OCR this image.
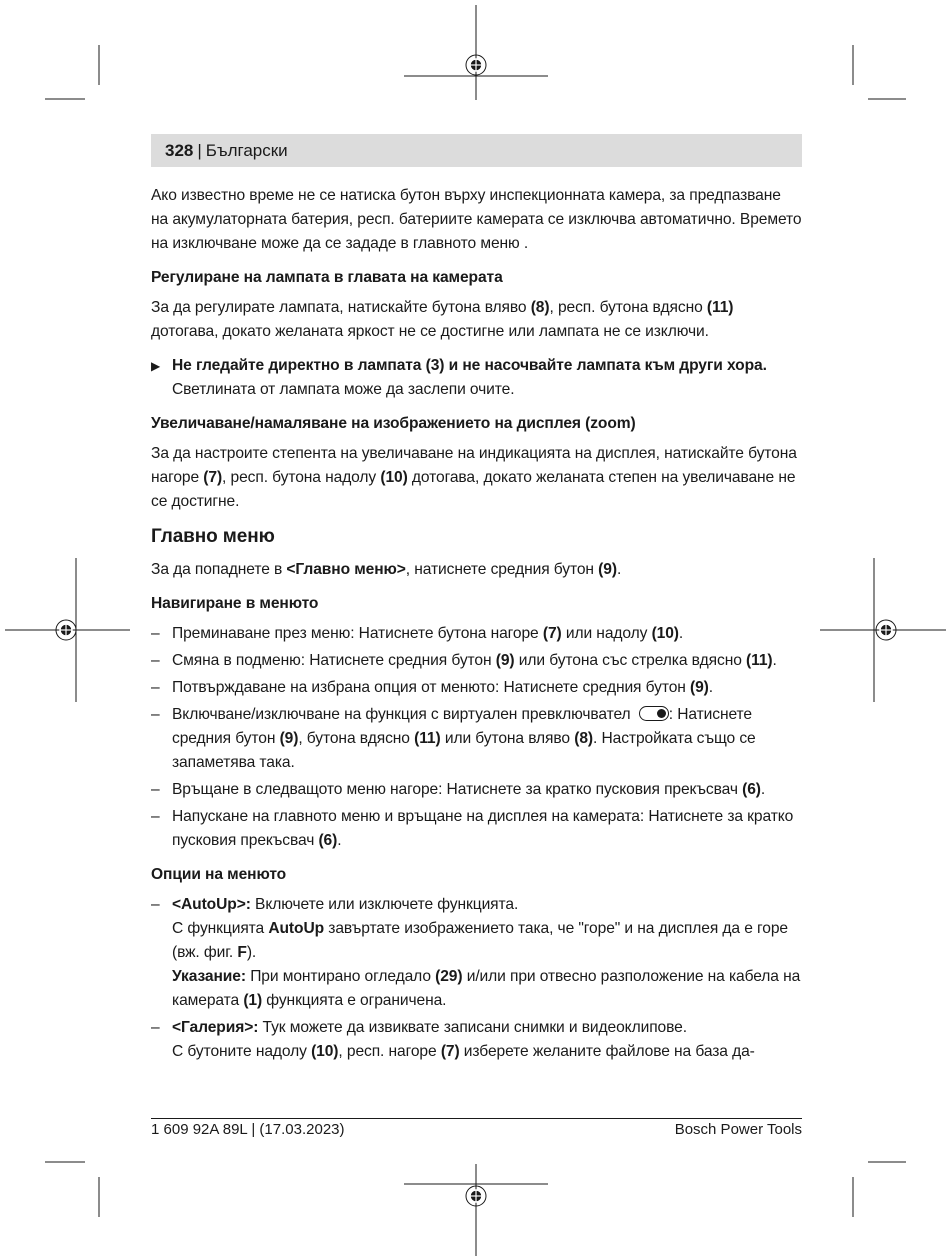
328 | Български

Ако известно време не се натиска бутон върху инспекционната камера, за предпазване на акумулаторната батерия, респ. батериите камерата се изключва автоматично. Времето на изключване може да се зададе в главното меню .

Регулиране на лампата в главата на камерата

За да регулирате лампата, натискайте бутона вляво (8), респ. бутона вдясно (11) дотогава, докато желаната яркост не се достигне или лампата не се изключи.

▶ Не гледайте директно в лампата (3) и не насочвайте лампата към други хора.
Светлината от лампата може да заслепи очите.

Увеличаване/намаляване на изображението на дисплея (zoom)

За да настроите степента на увеличаване на индикацията на дисплея, натискайте бутона нагоре (7), респ. бутона надолу (10) дотогава, докато желаната степен на увеличаване не се достигне.

Главно меню

За да попаднете в <Главно меню>, натиснете средния бутон (9).

Навигиране в менюто

– Преминаване през меню: Натиснете бутона нагоре (7) или надолу (10).
– Смяна в подменю: Натиснете средния бутон (9) или бутона със стрелка вдясно (11).
– Потвърждаване на избрана опция от менюто: Натиснете средния бутон (9).
– Включване/изключване на функция с виртуален превключвател : Натиснете средния бутон (9), бутона вдясно (11) или бутона вляво (8). Настройката също се запаметява така.
– Връщане в следващото меню нагоре: Натиснете за кратко пусковия прекъсвач (6).
– Напускане на главното меню и връщане на дисплея на камерата: Натиснете за кратко пусковия прекъсвач (6).

Опции на менюто

– <AutoUp>: Включете или изключете функцията.
С функцията AutoUp завъртате изображението така, че "горе" и на дисплея да е горе (вж. фиг. F).
Указание: При монтирано огледало (29) и/или при отвесно разположение на кабела на камерата (1) функцията е ограничена.
– <Галерия>: Тук можете да извиквате записани снимки и видеоклипове.
С бутоните надолу (10), респ. нагоре (7) изберете желаните файлове на база да-
1 609 92A 89L | (17.03.2023)	Bosch Power Tools
